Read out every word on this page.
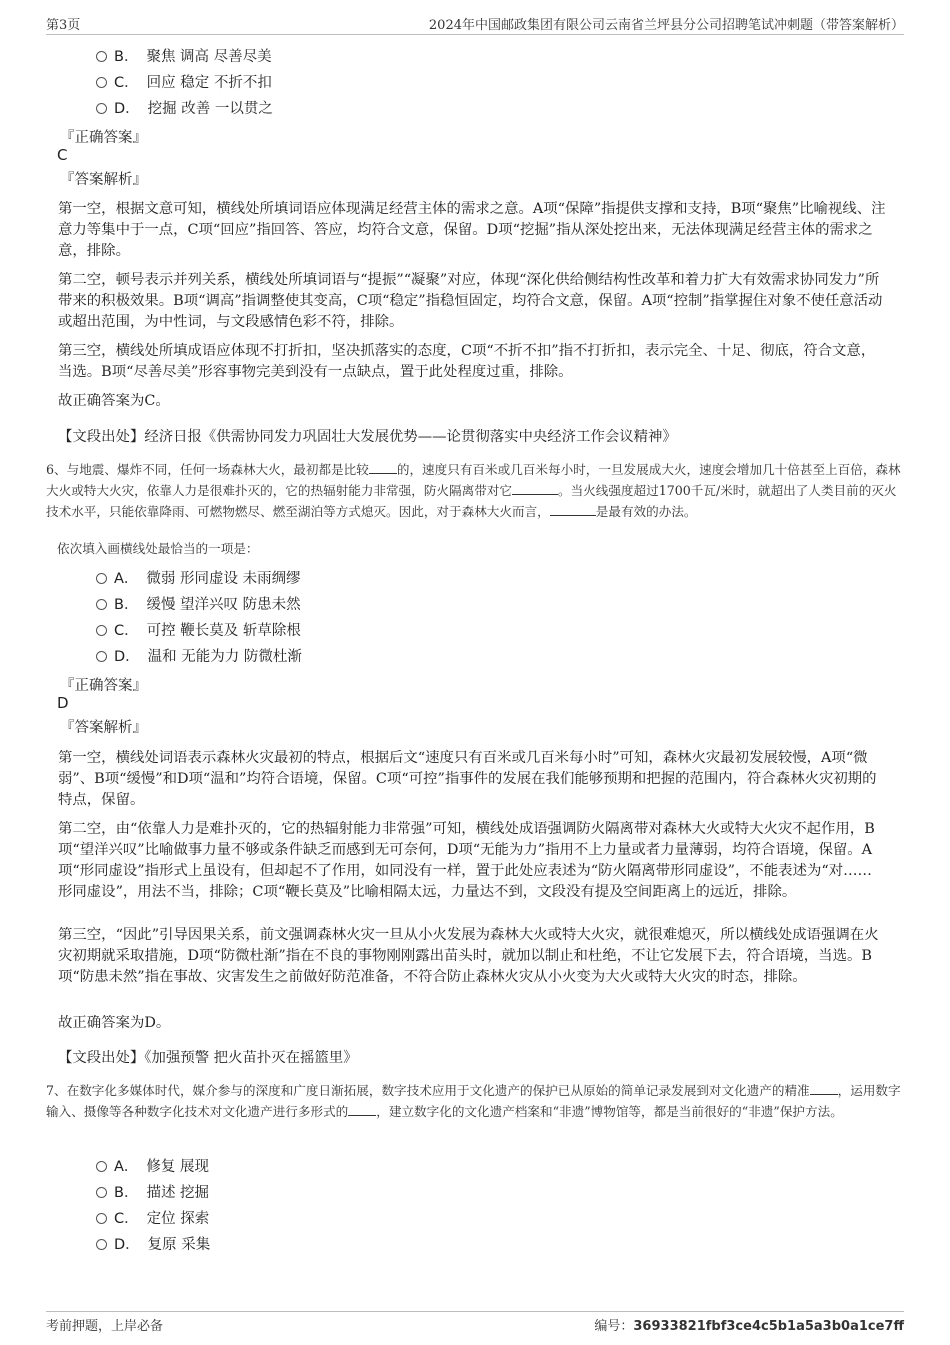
第3页	2024年中国邮政集团有限公司云南省兰坪县分公司招聘笔试冲刺题（带答案解析）
B． 聚焦 调高 尽善尽美
C． 回应 稳定 不折不扣
D． 挖掘 改善 一以贯之
『正确答案』
C
『答案解析』

第一空，根据文意可知，横线处所填词语应体现满足经营主体的需求之意。A项“保障”指提供支撑和支持，B项“聚焦”比喻视线、注意力等集中于一点，C项“回应”指回答、答应，均符合文意，保留。D项“挖掘”指从深处挖出来，无法体现满足经营主体的需求之意，排除。

第二空，顿号表示并列关系，横线处所填词语与“提振”“凝聚”对应，体现“深化供给侧结构性改革和着力扩大有效需求协同发力”所带来的积极效果。B项“调高”指调整使其变高，C项“稳定”指稳恒固定，均符合文意，保留。A项“控制”指掌握住对象不使任意活动或超出范围，为中性词，与文段感情色彩不符，排除。

第三空，横线处所填成语应体现不打折扣，坚决抓落实的态度，C项“不折不扣”指不打折扣，表示完全、十足、彻底，符合文意，当选。B项“尽善尽美”形容事物完美到没有一点缺点，置于此处程度过重，排除。

故正确答案为C。

【文段出处】经济日报《供需协同发力巩固壮大发展优势——论贯彻落实中央经济工作会议精神》

6、与地震、爆炸不同，任何一场森林大火，最初都是比较 的，速度只有百米或几百米每小时，一旦发展成大火，速度会增加几十倍甚至上百倍，森林大火或特大火灾，依靠人力是很难扑灭的，它的热辐射能力非常强，防火隔离带对它	。当火线强度超过1700千瓦/米时，就超出了人类目前的灭火技术水平，只能依靠降雨、可燃物燃尽、燃至湖泊等方式熄灭。因此，对于森林大火而言，	是最有效的办法。

依次填入画横线处最恰当的一项是：
A． 微弱 形同虚设 未雨绸缪
B． 缓慢 望洋兴叹 防患未然
C． 可控 鞭长莫及 斩草除根
D． 温和 无能为力 防微杜渐
『正确答案』
D
『答案解析』

第一空，横线处词语表示森林火灾最初的特点，根据后文“速度只有百米或几百米每小时”可知，森林火灾最初发展较慢，A项“微弱”、B项“缓慢”和D项“温和”均符合语境，保留。C项“可控”指事件的发展在我们能够预期和把握的范围内，符合森林火灾初期的特点，保留。

第二空，由“依靠人力是难扑灭的，它的热辐射能力非常强”可知，横线处成语强调防火隔离带对森林大火或特大火灾不起作用，B项“望洋兴叹”比喻做事力量不够或条件缺乏而感到无可奈何，D项“无能为力”指用不上力量或者力量薄弱，均符合语境，保留。A项“形同虚设”指形式上虽设有，但却起不了作用，如同没有一样，置于此处应表述为“防火隔离带形同虚设”，不能表述为“对……形同虚设”，用法不当，排除；C项“鞭长莫及”比喻相隔太远，力量达不到，文段没有提及空间距离上的远近，排除。

第三空，“因此”引导因果关系，前文强调森林火灾一旦从小火发展为森林大火或特大火灾，就很难熄灭，所以横线处成语强调在火灾初期就采取措施，D项“防微杜渐”指在不良的事物刚刚露出苗头时，就加以制止和杜绝，不让它发展下去，符合语境，当选。B项“防患未然”指在事故、灾害发生之前做好防范准备，不符合防止森林火灾从小火变为大火或特大火灾的时态，排除。

故正确答案为D。

【文段出处】《加强预警 把火苗扑灭在摇篮里》

7、在数字化多媒体时代，媒介参与的深度和广度日渐拓展，数字技术应用于文化遗产的保护已从原始的简单记录发展到对文化遗产的精准 ，运用数字输入、摄像等各种数字化技术对文化遗产进行多形式的 ，建立数字化的文化遗产档案和“非遗”博物馆等，都是当前很好的“非遗”保护方法。

A． 修复 展现
B． 描述 挖掘
C． 定位 探索
D． 复原 采集
考前押题，上岸必备	编号：36933821fbf3ce4c5b1a5a3b0a1ce7ff
